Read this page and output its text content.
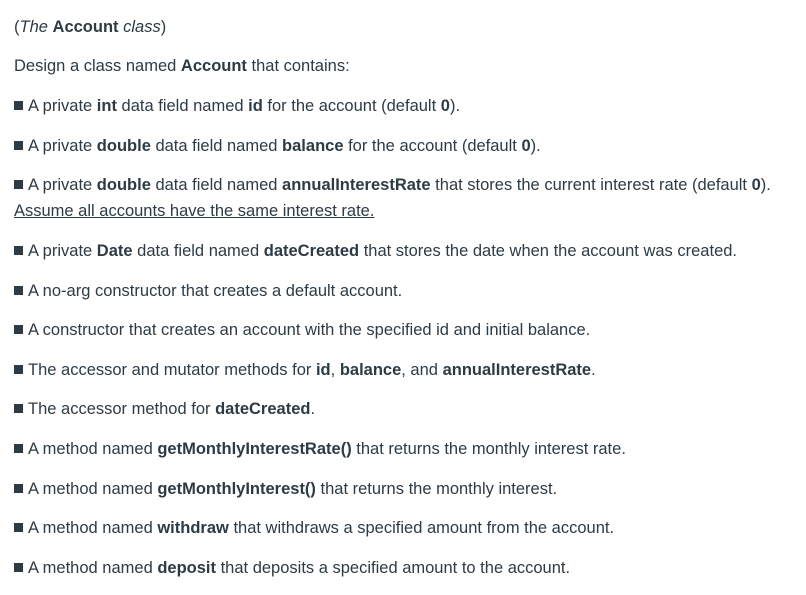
(The Account class)
Design a class named Account that contains:
A private int data field named id for the account (default 0).
A private double data field named balance for the account (default 0).
A private double data field named annualInterestRate that stores the current interest rate (default 0). Assume all accounts have the same interest rate.
A private Date data field named dateCreated that stores the date when the account was created.
A no-arg constructor that creates a default account.
A constructor that creates an account with the specified id and initial balance.
The accessor and mutator methods for id, balance, and annualInterestRate.
The accessor method for dateCreated.
A method named getMonthlyInterestRate() that returns the monthly interest rate.
A method named getMonthlyInterest() that returns the monthly interest.
A method named withdraw that withdraws a specified amount from the account.
A method named deposit that deposits a specified amount to the account.
